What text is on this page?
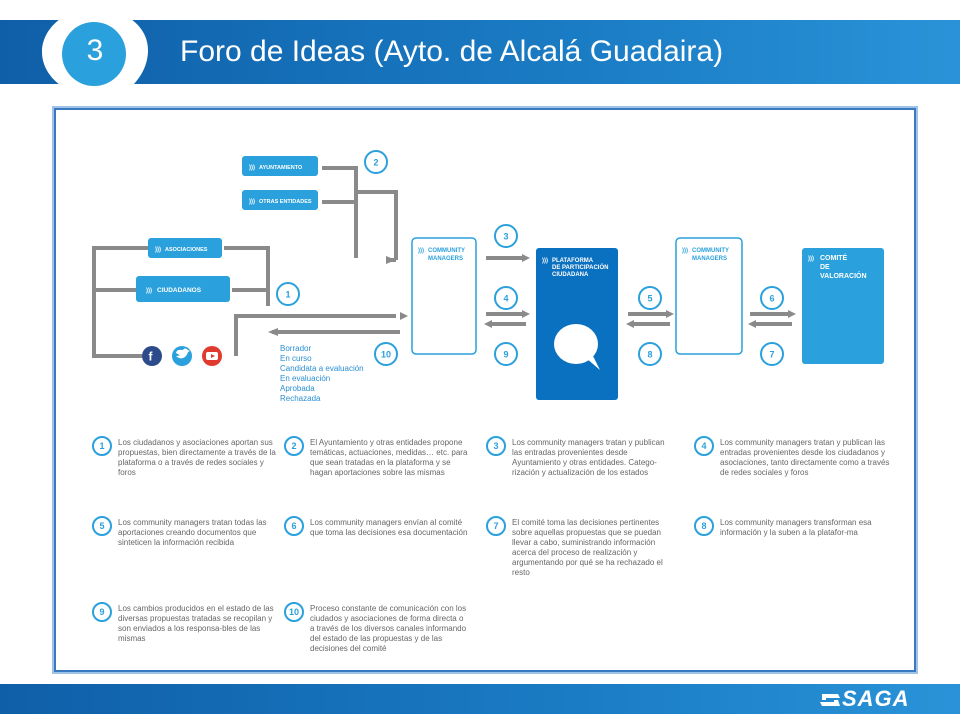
3	Foro de Ideas (Ayto. de Alcalá Guadaira)
))) AYUNTAMIENTO
))) OTRAS ENTIDADES
))) ASOCIACIONES
))) CIUDADANOS
f
))) COMMUNITY
MANAGERS	))) PLATAFORMA
DE PARTICIPACIÓN
CIUDADANA
))) COMMUNITY
MANAGERS	))) COMITÉ
DE
VALORACIÓN
2
1
3
4
9
5
8
6
7
10
Borrador
En curso
Candidata a evaluación
En evaluación
Aprobada
Rechazada
1	Los ciudadanos y asociaciones aportan sus propuestas, bien directamente a través de la plataforma o a través de redes sociales y foros
2	El Ayuntamiento y otras entidades propone temáticas, actuaciones, medidas… etc. para que sean tratadas en la plataforma y se hagan aportaciones sobre las mismas
3	Los community managers tratan y publican las entradas provenientes desde Ayuntamiento y otras entidades. Catego-rización y actualización de los estados
4	Los community managers tratan y publican las entradas provenientes desde los ciudadanos y asociaciones, tanto directamente como a través de redes sociales y foros
5	Los community managers tratan todas las aportaciones creando documentos que sinteticen la información recibida
6	Los community managers envían al comité que toma las decisiones esa documentación
7	El comité toma las decisiones pertinentes sobre aquellas propuestas que se puedan llevar a cabo, suministrando información acerca del proceso de realización y argumentando por qué se ha rechazado el resto
8	Los community managers transforman esa información y la suben a la platafor-ma
9	Los cambios producidos en el estado de las diversas propuestas tratadas se recopilan y son enviados a los responsa-bles de las mismas
10	Proceso constante de comunicación con los ciudados y asociaciones de forma directa o a través de los diversos canales informando del estado de las propuestas y de las decisiones del comité
SAGA
